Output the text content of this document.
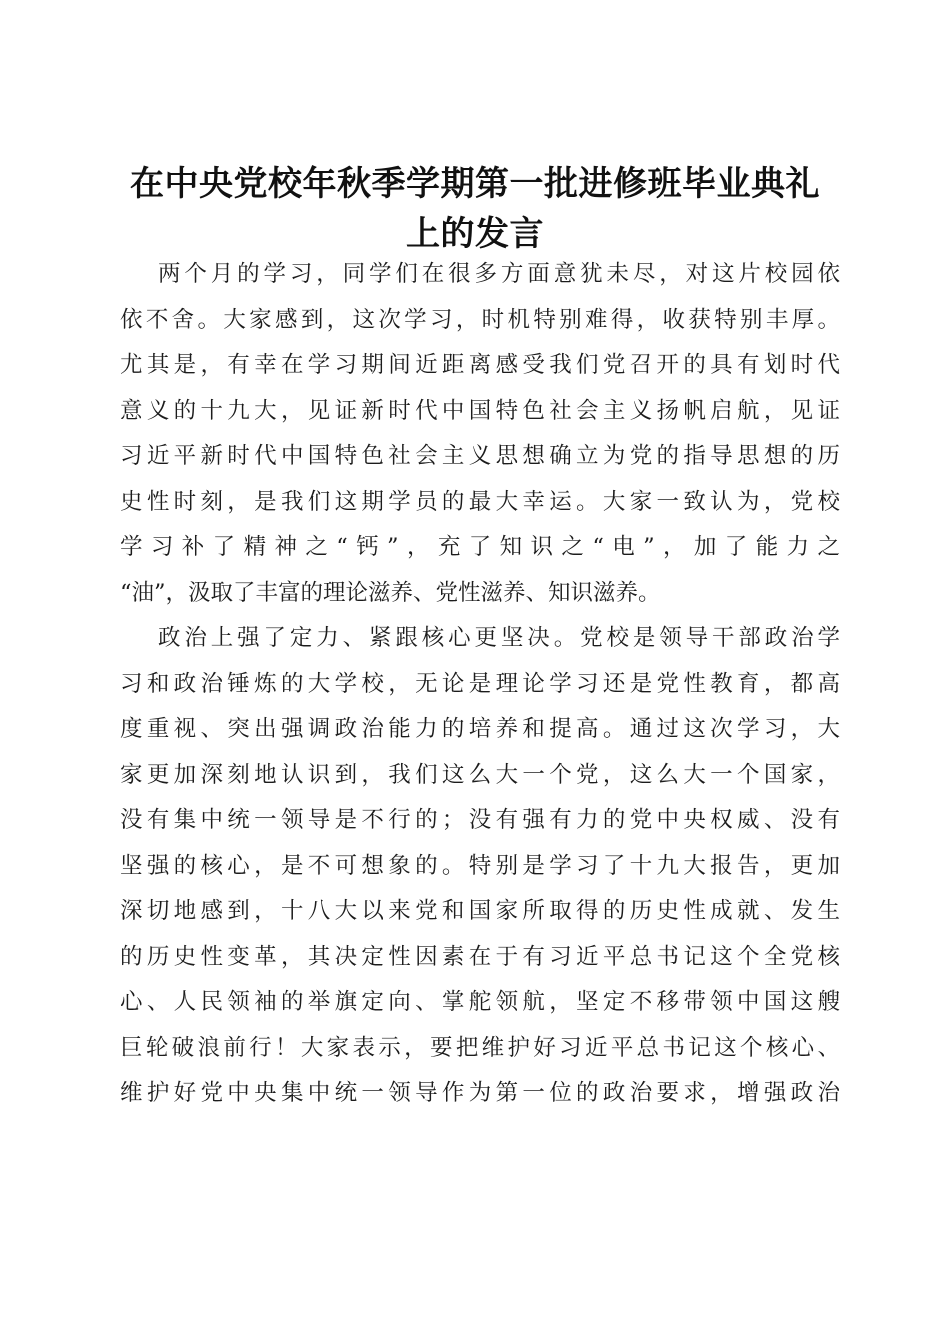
在中央党校年秋季学期第一批进修班毕业典礼
上的发言
两个月的学习，同学们在很多方面意犹未尽，对这片校园依
依不舍。大家感到，这次学习，时机特别难得，收获特别丰厚。
尤其是，有幸在学习期间近距离感受我们党召开的具有划时代
意义的十九大，见证新时代中国特色社会主义扬帆启航，见证
习近平新时代中国特色社会主义思想确立为党的指导思想的历
史性时刻，是我们这期学员的最大幸运。大家一致认为，党校
学习补了精神之“钙”，充了知识之“电”，加了能力之
“油”，汲取了丰富的理论滋养、党性滋养、知识滋养。
政治上强了定力、紧跟核心更坚决。党校是领导干部政治学
习和政治锤炼的大学校，无论是理论学习还是党性教育，都高
度重视、突出强调政治能力的培养和提高。通过这次学习，大
家更加深刻地认识到，我们这么大一个党，这么大一个国家，
没有集中统一领导是不行的；没有强有力的党中央权威、没有
坚强的核心，是不可想象的。特别是学习了十九大报告，更加
深切地感到，十八大以来党和国家所取得的历史性成就、发生
的历史性变革，其决定性因素在于有习近平总书记这个全党核
心、人民领袖的举旗定向、掌舵领航，坚定不移带领中国这艘
巨轮破浪前行！大家表示，要把维护好习近平总书记这个核心、
维护好党中央集中统一领导作为第一位的政治要求，增强政治
